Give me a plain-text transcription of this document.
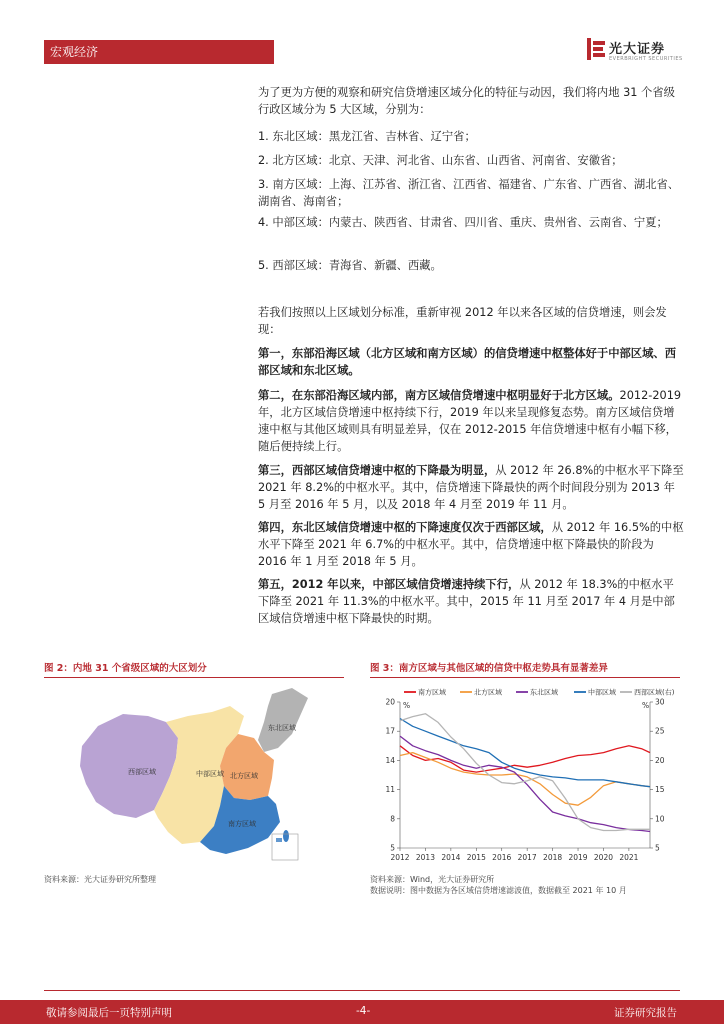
宏观经济	光大证券
EVERBRIGHT SECURITIES
为了更为方便的观察和研究信贷增速区域分化的特征与动因，我们将内地 31 个省级行政区域分为 5 大区域，分别为：
1. 东北区域：黑龙江省、吉林省、辽宁省；
2. 北方区域：北京、天津、河北省、山东省、山西省、河南省、安徽省；
3. 南方区域：上海、江苏省、浙江省、江西省、福建省、广东省、广西省、湖北省、湖南省、海南省；
4. 中部区域：内蒙古、陕西省、甘肃省、四川省、重庆、贵州省、云南省、宁夏；
5. 西部区域：青海省、新疆、西藏。
若我们按照以上区域划分标准，重新审视 2012 年以来各区域的信贷增速，则会发现：
第一，东部沿海区域（北方区域和南方区域）的信贷增速中枢整体好于中部区域、西部区域和东北区域。
第二，在东部沿海区域内部，南方区域信贷增速中枢明显好于北方区域。2012-2019 年，北方区域信贷增速中枢持续下行，2019 年以来呈现修复态势。南方区域信贷增速中枢与其他区域则具有明显差异，仅在 2012-2015 年信贷增速中枢有小幅下移，随后便持续上行。
第三，西部区域信贷增速中枢的下降最为明显，从 2012 年 26.8%的中枢水平下降至 2021 年 8.2%的中枢水平。其中，信贷增速下降最快的两个时间段分别为 2013 年 5 月至 2016 年 5 月，以及 2018 年 4 月至 2019 年 11 月。
第四，东北区域信贷增速中枢的下降速度仅次于西部区域，从 2012 年 16.5%的中枢水平下降至 2021 年 6.7%的中枢水平。其中，信贷增速中枢下降最快的阶段为 2016 年 1 月至 2018 年 5 月。
第五，2012 年以来，中部区域信贷增速持续下行，从 2012 年 18.3%的中枢水平下降至 2021 年 11.3%的中枢水平。其中，2015 年 11 月至 2017 年 4 月是中部区域信贷增速中枢下降最快的时期。
图 2：内地 31 个省级区域的大区划分
东北区域
西部区域	中部区域 北方区域
南方区域
资料来源：光大证券研究所整理
图 3：南方区域与其他区域的信贷中枢走势具有显著差异
5
8
11
14
17
20
5
10
15
20
25
30
%	%
2012 2013 2014 2015 2016 2017 2018 2019 2020 2021
南方区域	北方区域	东北区域	中部区域	西部区域(右)
资料来源：Wind，光大证券研究所
数据说明：图中数据为各区域信贷增速滤波值，数据截至 2021 年 10 月
敬请参阅最后一页特别声明	-4-	证券研究报告
